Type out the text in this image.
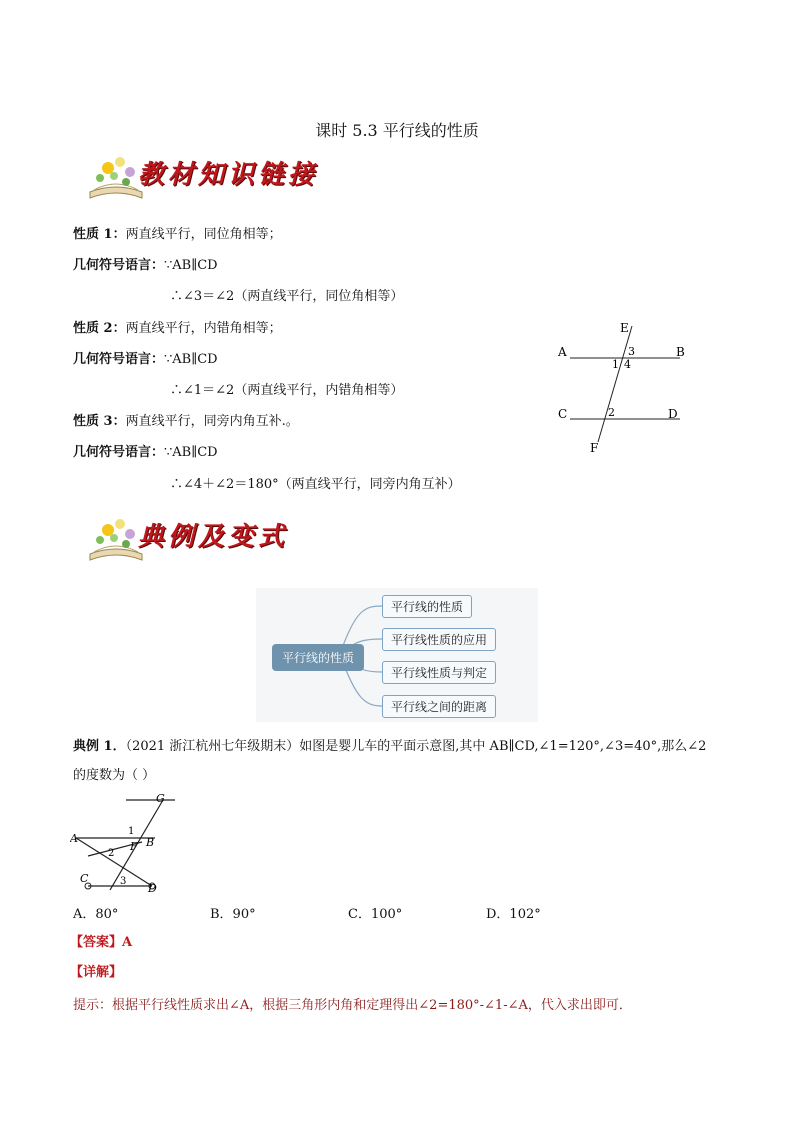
课时 5.3 平行线的性质
教材知识链接
性质 1：两直线平行，同位角相等；
几何符号语言：∵AB∥CD
∴∠3＝∠2（两直线平行，同位角相等）
性质 2：两直线平行，内错角相等；
几何符号语言：∵AB∥CD
∴∠1＝∠2（两直线平行，内错角相等）
性质 3：两直线平行，同旁内角互补.。
几何符号语言：∵AB∥CD
∴∠4＋∠2＝180°（两直线平行，同旁内角互补）
E
A	B
C	D
F
3
1 4
2
典例及变式
平行线的性质
平行线的性质
平行线性质的应用
平行线性质与判定
平行线之间的距离
典例 1．（2021 浙江杭州七年级期末）如图是婴儿车的平面示意图,其中 AB∥CD,∠1=120°,∠3=40°,那么∠2
的度数为（ ）
G
A	B
F
C
D
1
2
3
A．80°	B．90°	C．100°	D．102°
【答案】A
【详解】
提示：根据平行线性质求出∠A，根据三角形内角和定理得出∠2=180°-∠1-∠A，代入求出即可．
